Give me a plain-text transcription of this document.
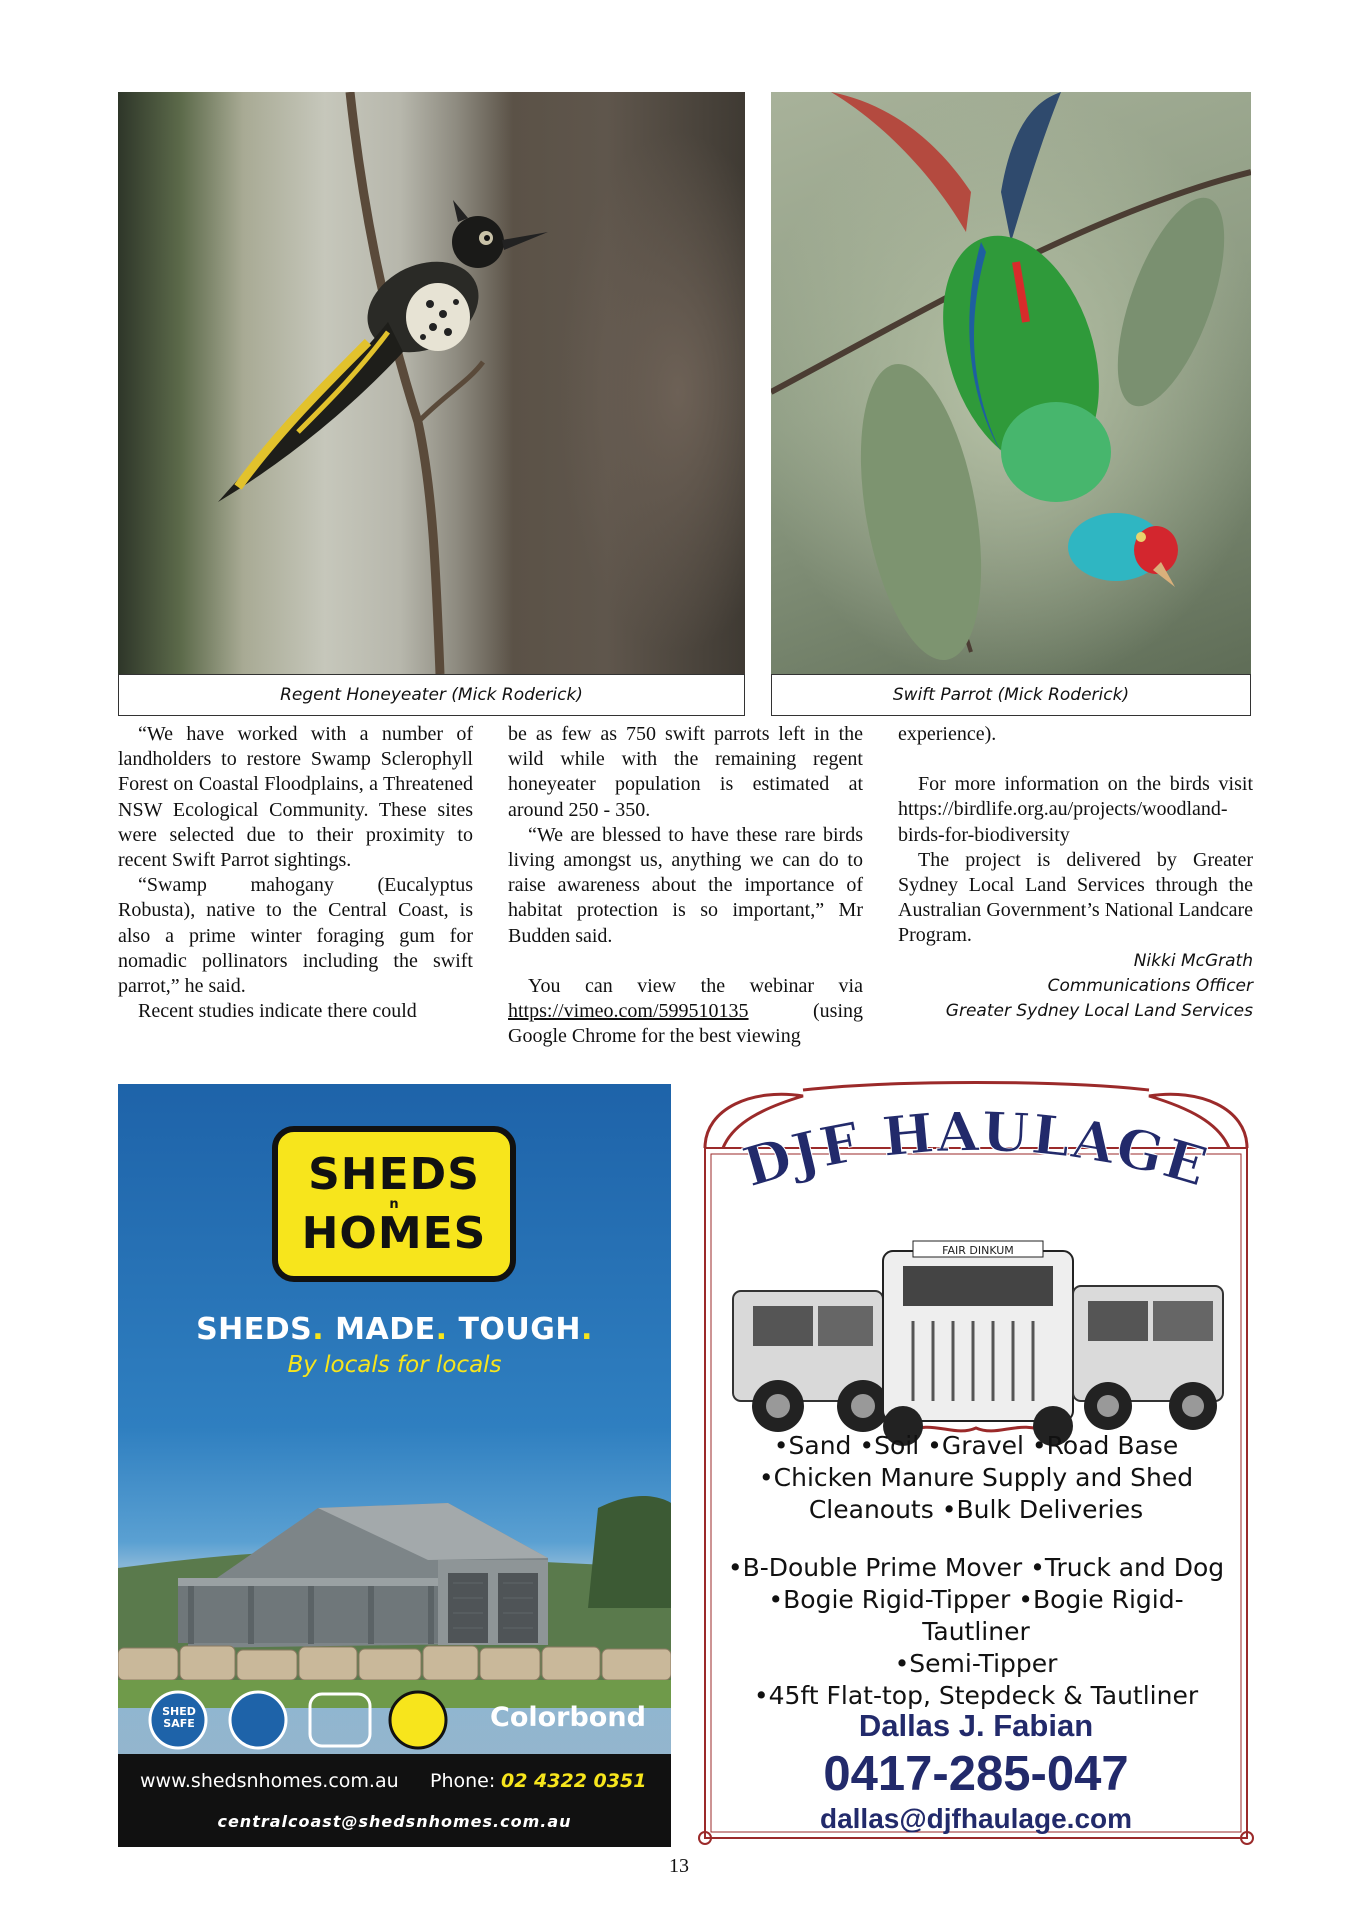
Regent Honeyeater (Mick Roderick)	Swift Parrot (Mick Roderick)

“We have worked with a number of landholders to restore Swamp Sclerophyll Forest on Coastal Floodplains, a Threatened NSW Ecological Community. These sites were selected due to their proximity to recent Swift Parrot sightings.

“Swamp mahogany (Eucalyptus Robusta), native to the Central Coast, is also a prime winter foraging gum for nomadic pollinators including the swift parrot,” he said.

Recent studies indicate there could

be as few as 750 swift parrots left in the wild while with the remaining regent honeyeater population is estimated at around 250 - 350.

“We are blessed to have these rare birds living amongst us, anything we can do to raise awareness about the importance of habitat protection is so important,” Mr Budden said.

You can view the webinar via https://vimeo.com/599510135	(using Google Chrome for the best viewing

experience).

For more information on the birds visit https://birdlife.org.au/projects/woodland-birds-for-biodiversity

The project is delivered by Greater Sydney Local Land Services through the Australian Government’s National Landcare Program.

Nikki McGrath
Communications Officer
Greater Sydney Local Land Services
SHEDS
n
HOMES
SHEDS. MADE. TOUGH.
By locals for locals
SHED SAFE	Colorbond
www.shedsnhomes.com.au Phone: 02 4322 0351
centralcoast@shedsnhomes.com.au
DJF HAULAGE
FAIR DINKUM
•Sand •Soil •Gravel •Road Base
•Chicken Manure Supply and Shed
Cleanouts •Bulk Deliveries
•B-Double Prime Mover •Truck and Dog
•Bogie Rigid-Tipper •Bogie Rigid-Tautliner
•Semi-Tipper
•45ft Flat-top, Stepdeck & Tautliner
Dallas J. Fabian
0417-285-047
dallas@djfhaulage.com
13
